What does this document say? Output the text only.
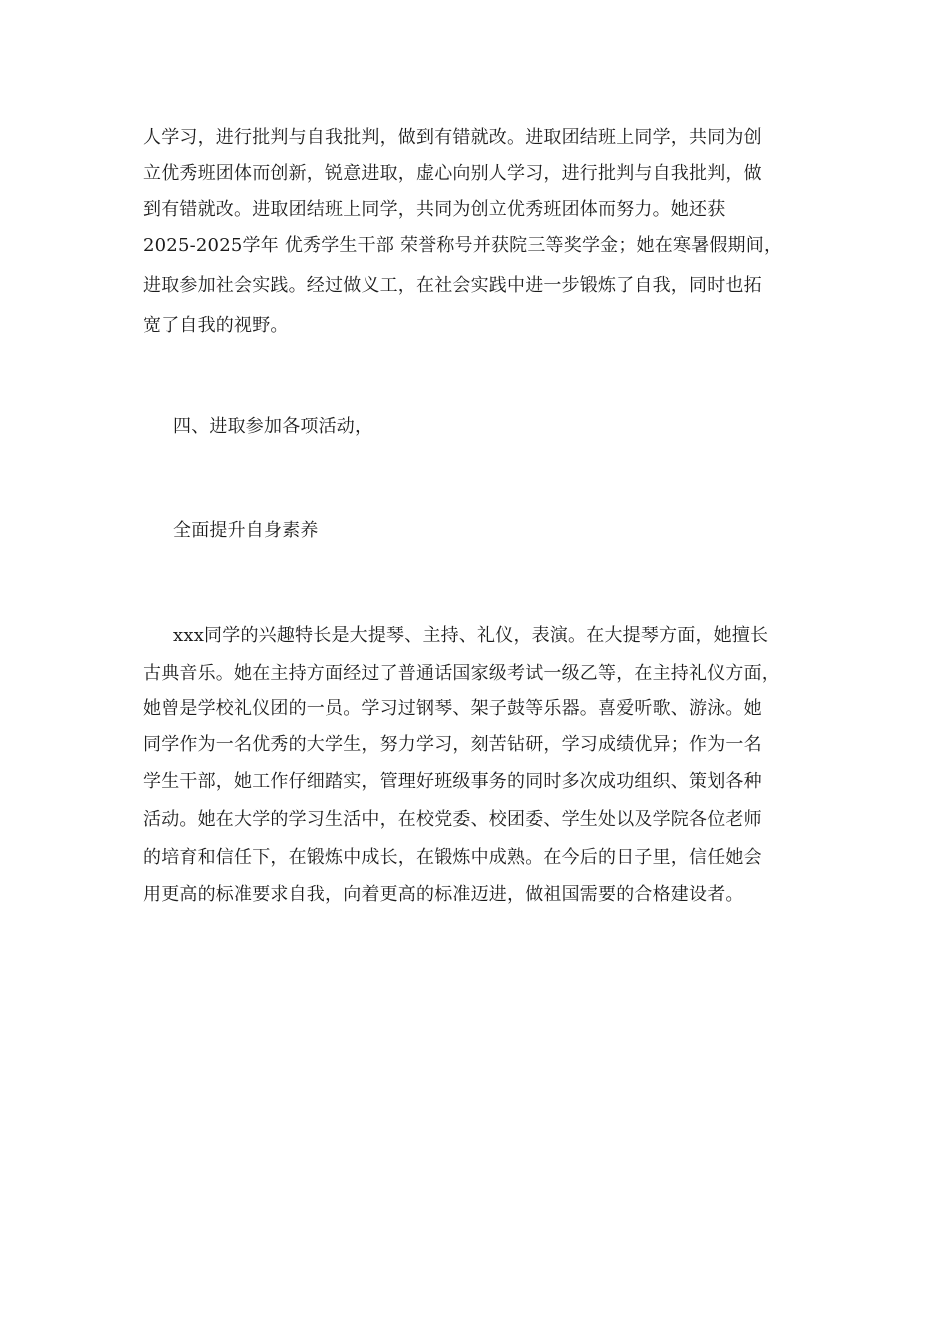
人学习，进行批判与自我批判，做到有错就改。进取团结班上同学，共同为创
立优秀班团体而创新，锐意进取，虚心向别人学习，进行批判与自我批判，做
到有错就改。进取团结班上同学，共同为创立优秀班团体而努力。她还获
2025-2025学年 优秀学生干部 荣誉称号并获院三等奖学金；她在寒暑假期间，
进取参加社会实践。经过做义工，在社会实践中进一步锻炼了自我，同时也拓
宽了自我的视野。
四、进取参加各项活动，
全面提升自身素养
xxx同学的兴趣特长是大提琴、主持、礼仪，表演。在大提琴方面，她擅长
古典音乐。她在主持方面经过了普通话国家级考试一级乙等，在主持礼仪方面，
她曾是学校礼仪团的一员。学习过钢琴、架子鼓等乐器。喜爱听歌、游泳。她
同学作为一名优秀的大学生，努力学习，刻苦钻研，学习成绩优异；作为一名
学生干部，她工作仔细踏实，管理好班级事务的同时多次成功组织、策划各种
活动。她在大学的学习生活中，在校党委、校团委、学生处以及学院各位老师
的培育和信任下，在锻炼中成长，在锻炼中成熟。在今后的日子里，信任她会
用更高的标准要求自我，向着更高的标准迈进，做祖国需要的合格建设者。
